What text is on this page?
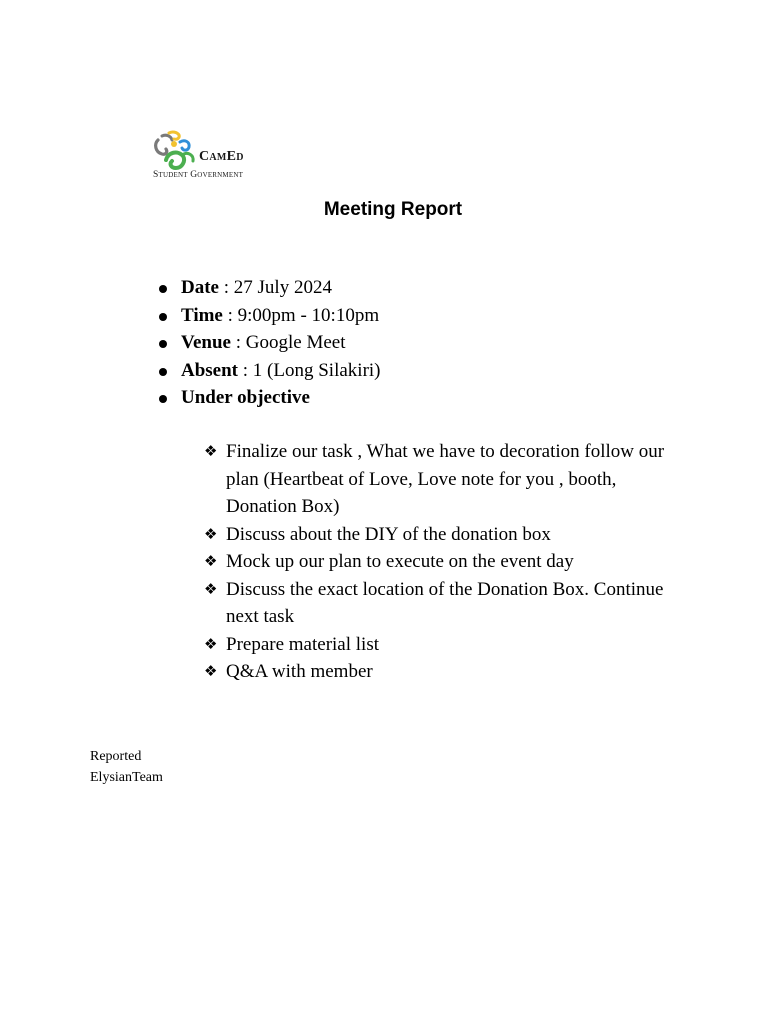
CamEd
Student Government
Meeting Report
Date : 27 July 2024
Time : 9:00pm - 10:10pm
Venue : Google Meet
Absent : 1 (Long Silakiri)
Under objective
❖ Finalize our task , What we have to decoration follow our plan (Heartbeat of Love, Love note for you , booth, Donation Box)
❖ Discuss about the DIY of the donation box
❖ Mock up our plan to execute on the event day
❖ Discuss the exact location of the Donation Box. Continue next task
❖ Prepare material list
❖ Q&A with member
Reported
ElysianTeam
